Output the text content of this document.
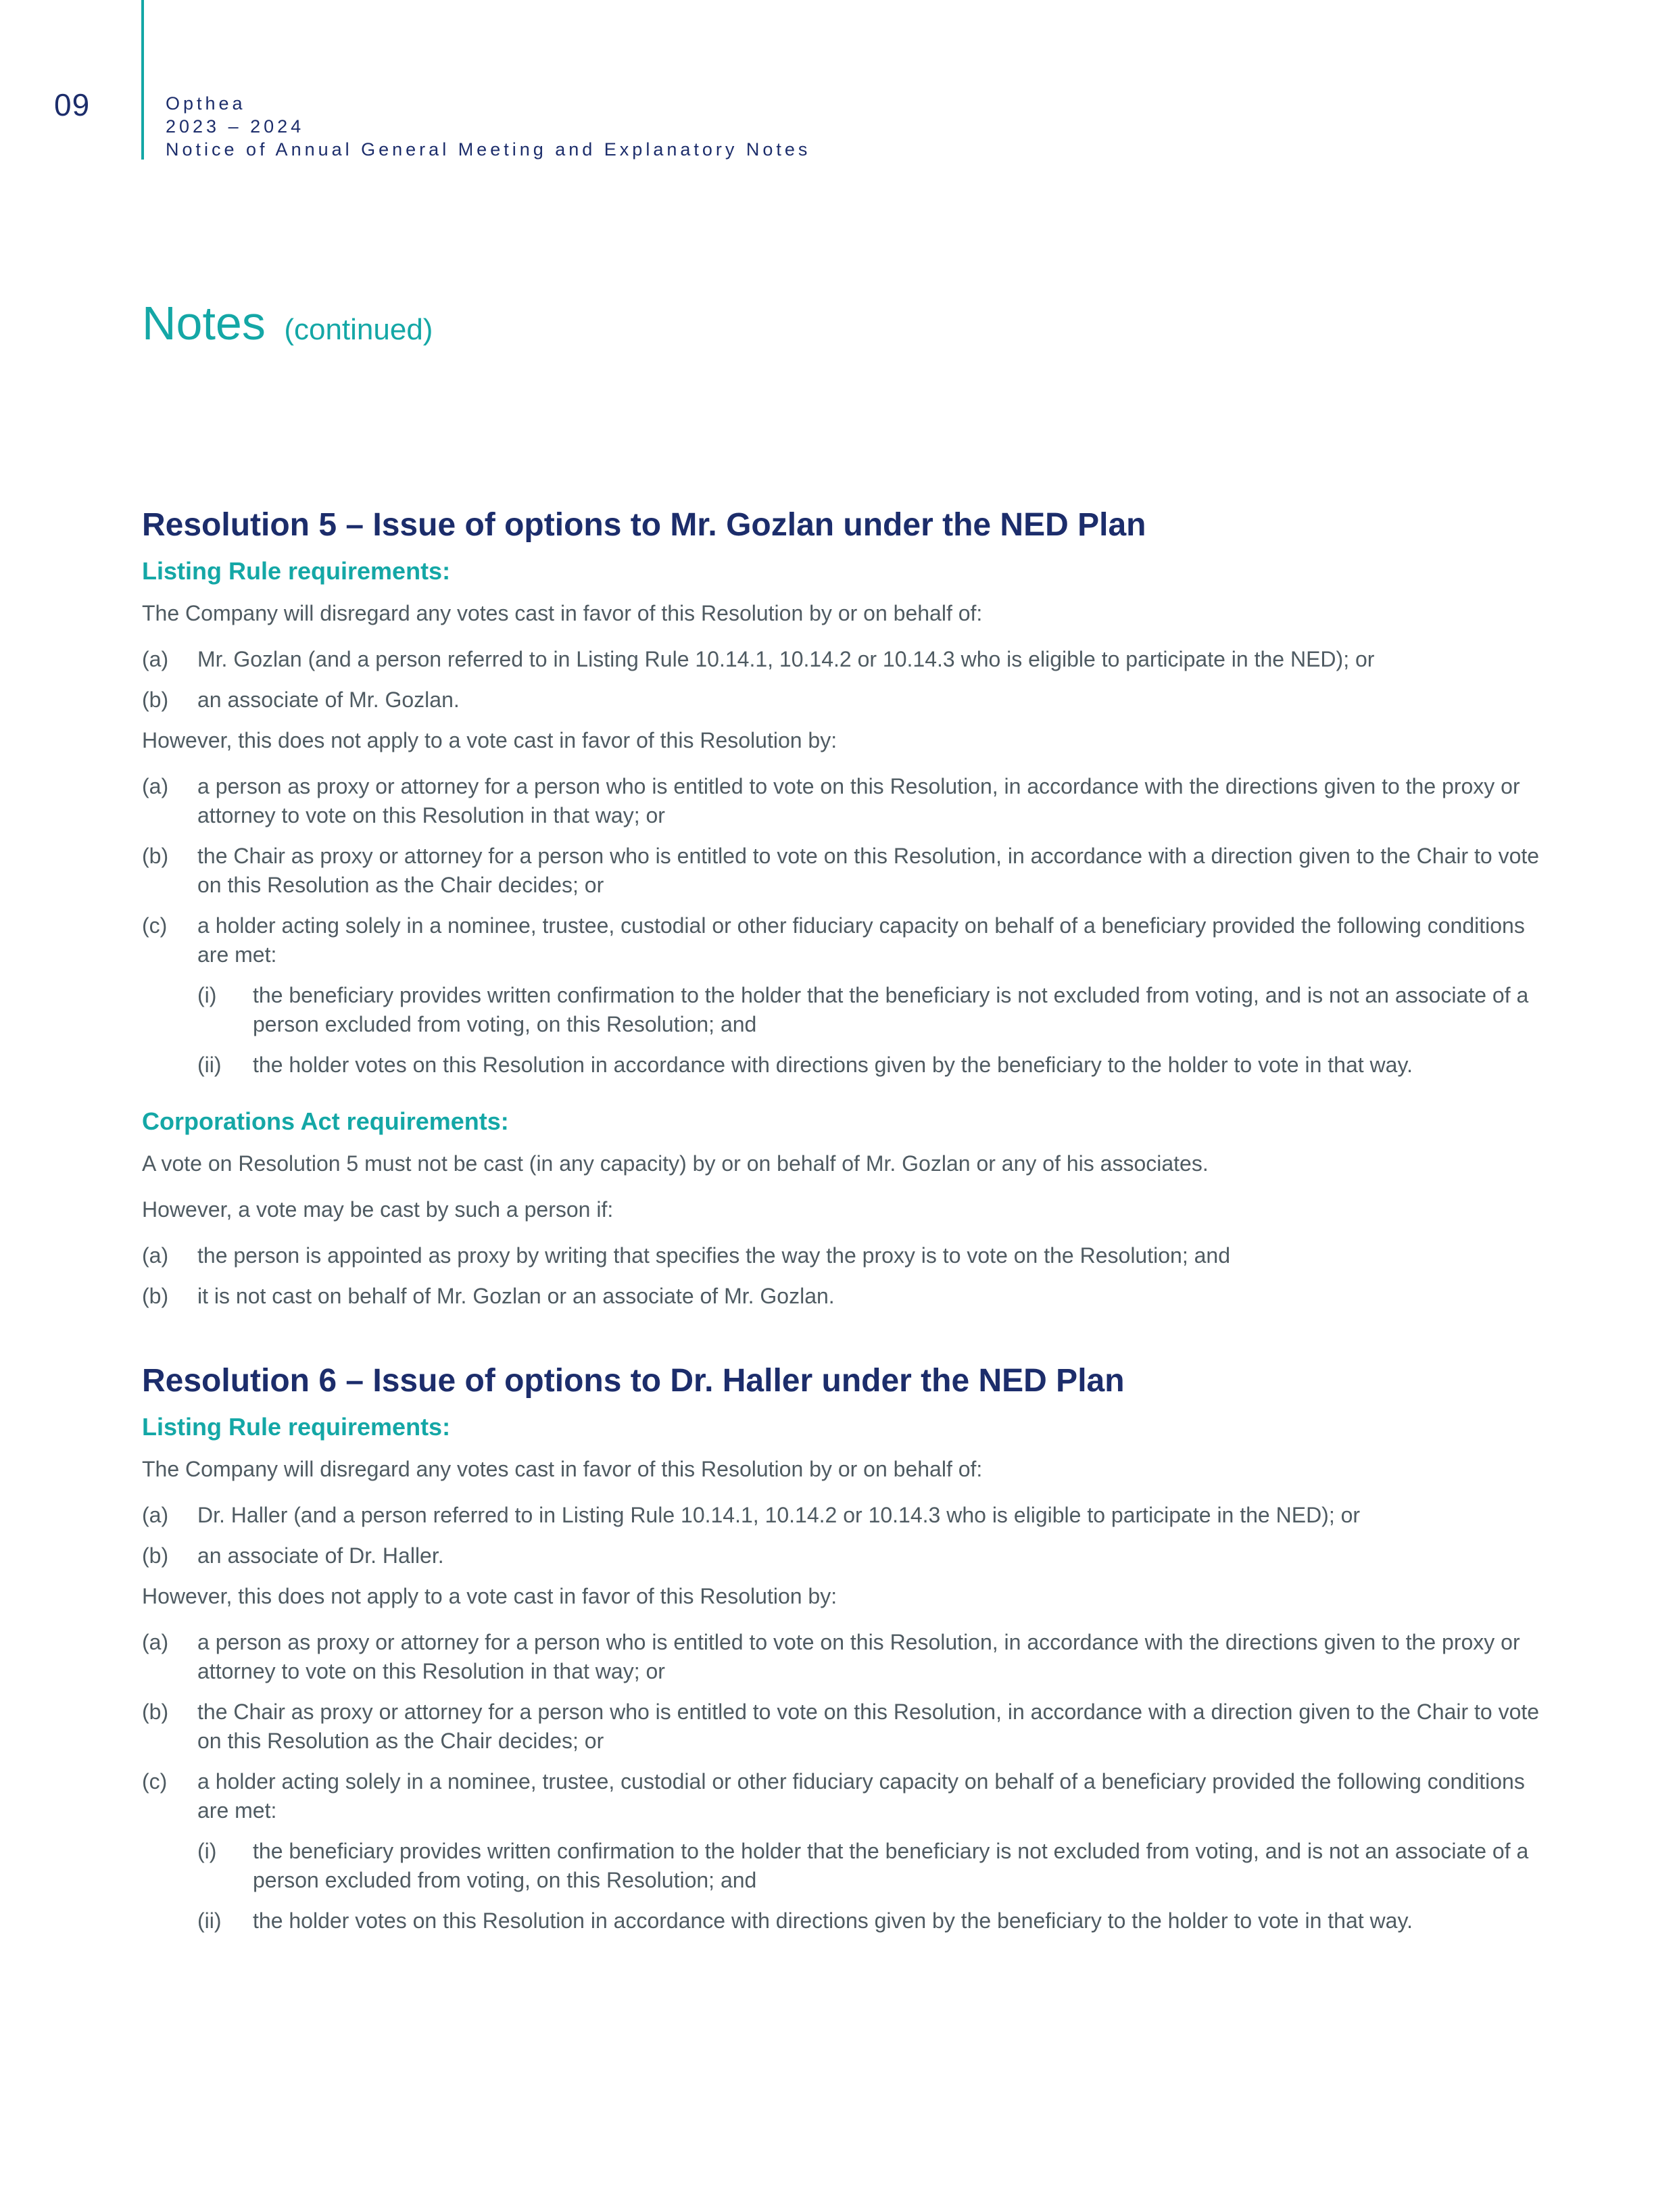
09	Opthea
2023 – 2024
Notice of Annual General Meeting and Explanatory Notes
Notes (continued)
Resolution 5 – Issue of options to Mr. Gozlan under the NED Plan
Listing Rule requirements:

The Company will disregard any votes cast in favor of this Resolution by or on behalf of:

(a)	Mr. Gozlan (and a person referred to in Listing Rule 10.14.1, 10.14.2 or 10.14.3 who is eligible to participate in the NED); or
(b)	an associate of Mr. Gozlan.

However, this does not apply to a vote cast in favor of this Resolution by:

(a)	a person as proxy or attorney for a person who is entitled to vote on this Resolution, in accordance with the directions given to the proxy or attorney to vote on this Resolution in that way; or
(b)	the Chair as proxy or attorney for a person who is entitled to vote on this Resolution, in accordance with a direction given to the Chair to vote on this Resolution as the Chair decides; or
(c)	a holder acting solely in a nominee, trustee, custodial or other fiduciary capacity on behalf of a beneficiary provided the following conditions are met:
(i)	the beneficiary provides written confirmation to the holder that the beneficiary is not excluded from voting, and is not an associate of a person excluded from voting, on this Resolution; and
(ii)	the holder votes on this Resolution in accordance with directions given by the beneficiary to the holder to vote in that way.
Corporations Act requirements:

A vote on Resolution 5 must not be cast (in any capacity) by or on behalf of Mr. Gozlan or any of his associates.

However, a vote may be cast by such a person if:

(a)	the person is appointed as proxy by writing that specifies the way the proxy is to vote on the Resolution; and
(b)	it is not cast on behalf of Mr. Gozlan or an associate of Mr. Gozlan.
Resolution 6 – Issue of options to Dr. Haller under the NED Plan
Listing Rule requirements:

The Company will disregard any votes cast in favor of this Resolution by or on behalf of:

(a)	Dr. Haller (and a person referred to in Listing Rule 10.14.1, 10.14.2 or 10.14.3 who is eligible to participate in the NED); or
(b)	an associate of Dr. Haller.

However, this does not apply to a vote cast in favor of this Resolution by:

(a)	a person as proxy or attorney for a person who is entitled to vote on this Resolution, in accordance with the directions given to the proxy or attorney to vote on this Resolution in that way; or
(b)	the Chair as proxy or attorney for a person who is entitled to vote on this Resolution, in accordance with a direction given to the Chair to vote on this Resolution as the Chair decides; or
(c)	a holder acting solely in a nominee, trustee, custodial or other fiduciary capacity on behalf of a beneficiary provided the following conditions are met:
(i)	the beneficiary provides written confirmation to the holder that the beneficiary is not excluded from voting, and is not an associate of a person excluded from voting, on this Resolution; and
(ii)	the holder votes on this Resolution in accordance with directions given by the beneficiary to the holder to vote in that way.
